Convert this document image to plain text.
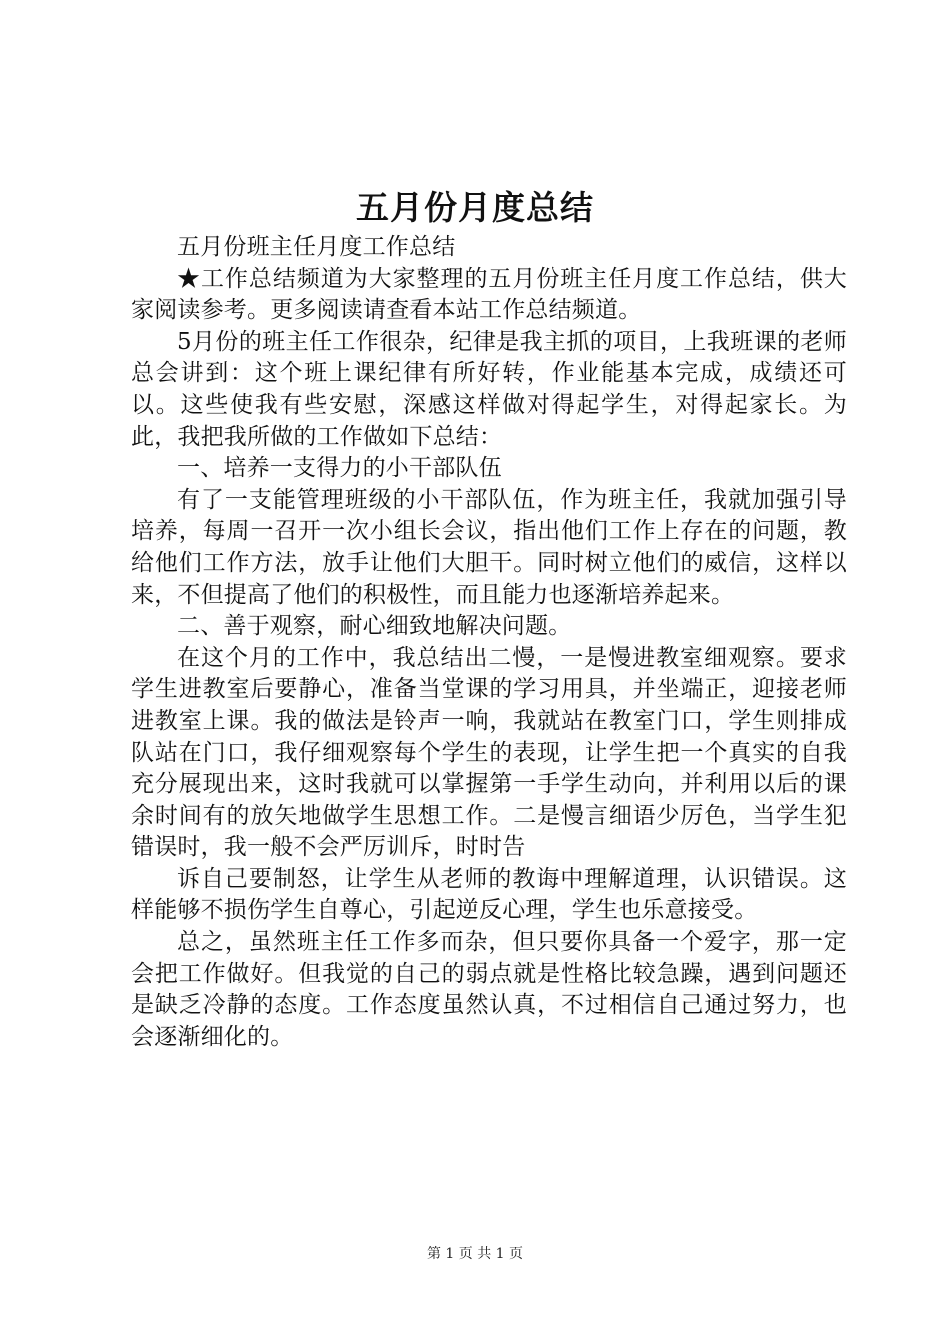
五月份月度总结

五月份班主任月度工作总结

★工作总结频道为大家整理的五月份班主任月度工作总结，供大家阅读参考。更多阅读请查看本站工作总结频道。

5月份的班主任工作很杂，纪律是我主抓的项目，上我班课的老师总会讲到：这个班上课纪律有所好转，作业能基本完成，成绩还可以。这些使我有些安慰，深感这样做对得起学生，对得起家长。为此，我把我所做的工作做如下总结：

一、培养一支得力的小干部队伍

有了一支能管理班级的小干部队伍，作为班主任，我就加强引导培养，每周一召开一次小组长会议，指出他们工作上存在的问题，教给他们工作方法，放手让他们大胆干。同时树立他们的威信，这样以来，不但提高了他们的积极性，而且能力也逐渐培养起来。

二、善于观察，耐心细致地解决问题。

在这个月的工作中，我总结出二慢，一是慢进教室细观察。要求学生进教室后要静心，准备当堂课的学习用具，并坐端正，迎接老师进教室上课。我的做法是铃声一响，我就站在教室门口，学生则排成队站在门口，我仔细观察每个学生的表现，让学生把一个真实的自我充分展现出来，这时我就可以掌握第一手学生动向，并利用以后的课余时间有的放矢地做学生思想工作。二是慢言细语少厉色，当学生犯错误时，我一般不会严厉训斥，时时告

诉自己要制怒，让学生从老师的教诲中理解道理，认识错误。这样能够不损伤学生自尊心，引起逆反心理，学生也乐意接受。

总之，虽然班主任工作多而杂，但只要你具备一个爱字，那一定会把工作做好。但我觉的自己的弱点就是性格比较急躁，遇到问题还是缺乏冷静的态度。工作态度虽然认真，不过相信自己通过努力，也会逐渐细化的。

第 1 页 共 1 页
